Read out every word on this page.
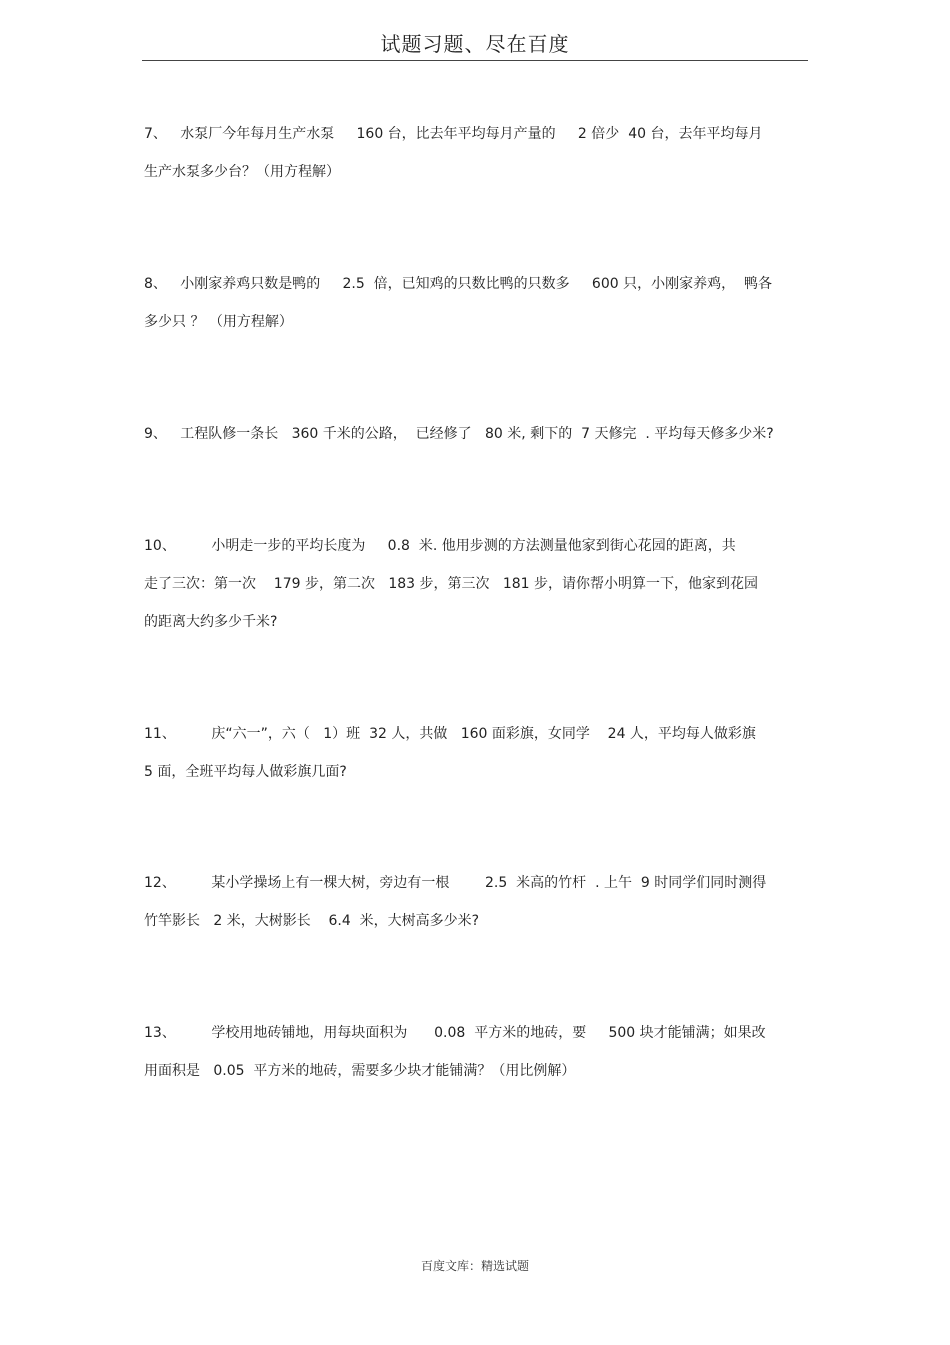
试题习题、尽在百度
7、   水泵厂今年每月生产水泵     160 台，比去年平均每月产量的     2 倍少  40 台，去年平均每月
生产水泵多少台？（用方程解）
8、   小刚家养鸡只数是鸭的     2.5  倍，已知鸡的只数比鸭的只数多     600 只，小刚家养鸡，  鸭各
多少只 ？ （用方程解）
9、   工程队修一条长   360 千米的公路，  已经修了   80 米, 剩下的  7 天修完  . 平均每天修多少米?
10、        小明走一步的平均长度为     0.8  米. 他用步测的方法测量他家到街心花园的距离，共
走了三次：第一次    179 步，第二次   183 步，第三次   181 步，请你帮小明算一下，他家到花园
的距离大约多少千米?
11、        庆“六一”，六（   1）班  32 人，共做   160 面彩旗，女同学    24 人，平均每人做彩旗
5 面，全班平均每人做彩旗几面?
12、        某小学操场上有一棵大树，旁边有一根        2.5  米高的竹杆  . 上午  9 时同学们同时测得
竹竿影长   2 米，大树影长    6.4  米，大树高多少米?
13、        学校用地砖铺地，用每块面积为      0.08  平方米的地砖，要     500 块才能铺满；如果改
用面积是   0.05  平方米的地砖，需要多少块才能铺满？（用比例解）
百度文库：精选试题
